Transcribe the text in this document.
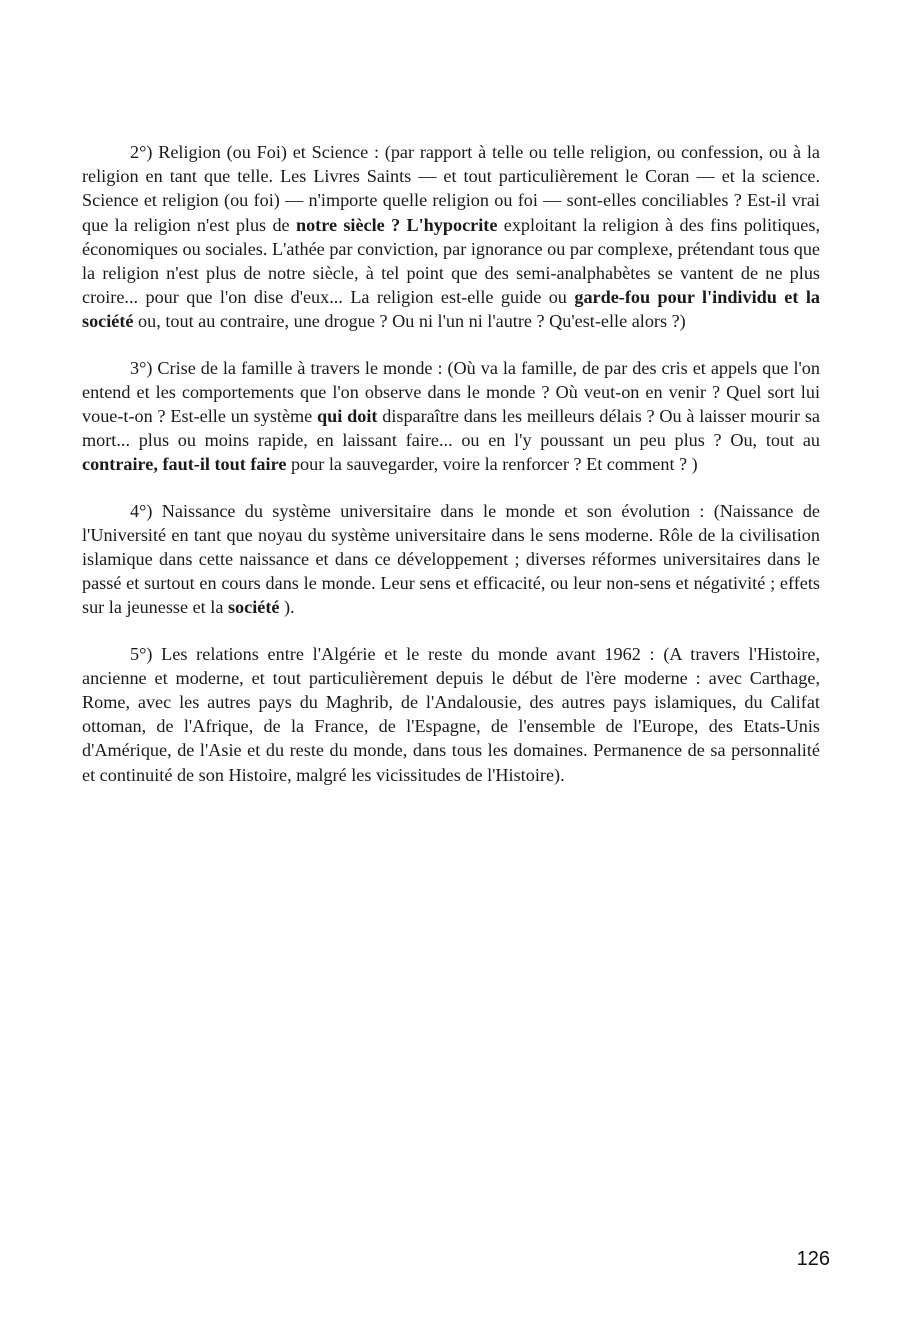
2°) Religion (ou Foi) et Science : (par rapport à telle ou telle religion, ou confession, ou à la religion en tant que telle. Les Livres Saints — et tout particulièrement le Coran — et la science. Science et religion (ou foi) — n'importe quelle religion ou foi — sont-elles conciliables ? Est-il vrai que la religion n'est plus de notre siècle ? L'hypocrite exploitant la religion à des fins politiques, économiques ou sociales. L'athée par conviction, par ignorance ou par complexe, prétendant tous que la religion n'est plus de notre siècle, à tel point que des semi-analphabètes se vantent de ne plus croire... pour que l'on dise d'eux... La religion est-elle guide ou garde-fou pour l'individu et la société ou, tout au contraire, une drogue ? Ou ni l'un ni l'autre ? Qu'est-elle alors ?)

3°) Crise de la famille à travers le monde : (Où va la famille, de par des cris et appels que l'on entend et les comportements que l'on observe dans le monde ? Où veut-on en venir ? Quel sort lui voue-t-on ? Est-elle un système qui doit disparaître dans les meilleurs délais ? Ou à laisser mourir sa mort... plus ou moins rapide, en laissant faire... ou en l'y poussant un peu plus ? Ou, tout au contraire, faut-il tout faire pour la sauvegarder, voire la renforcer ? Et comment ? )

4°) Naissance du système universitaire dans le monde et son évolution : (Naissance de l'Université en tant que noyau du système universitaire dans le sens moderne. Rôle de la civilisation islamique dans cette naissance et dans ce développement ; diverses réformes universitaires dans le passé et surtout en cours dans le monde. Leur sens et efficacité, ou leur non-sens et négativité ; effets sur la jeunesse et la société ).

5°) Les relations entre l'Algérie et le reste du monde avant 1962 : (A travers l'Histoire, ancienne et moderne, et tout particulièrement depuis le début de l'ère moderne : avec Carthage, Rome, avec les autres pays du Maghrib, de l'Andalousie, des autres pays islamiques, du Califat ottoman, de l'Afrique, de la France, de l'Espagne, de l'ensemble de l'Europe, des Etats-Unis d'Amérique, de l'Asie et du reste du monde, dans tous les domaines. Permanence de sa personnalité et continuité de son Histoire, malgré les vicissitudes de l'Histoire).

126
